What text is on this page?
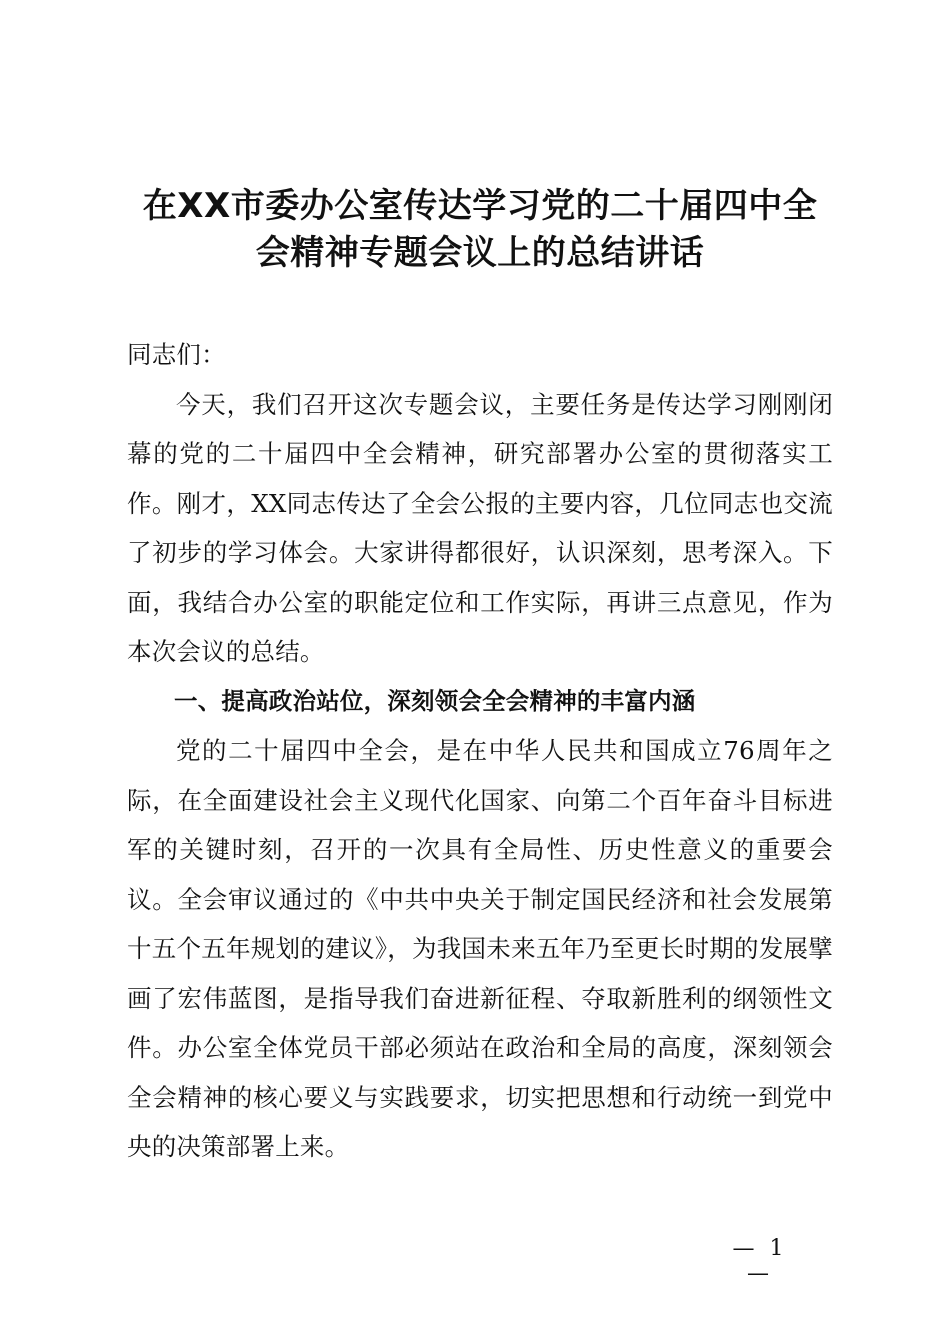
在XX市委办公室传达学习党的二十届四中全
会精神专题会议上的总结讲话

同志们：

今天，我们召开这次专题会议，主要任务是传达学习刚刚闭幕的党的二十届四中全会精神，研究部署办公室的贯彻落实工作。刚才，XX同志传达了全会公报的主要内容，几位同志也交流了初步的学习体会。大家讲得都很好，认识深刻，思考深入。下面，我结合办公室的职能定位和工作实际，再讲三点意见，作为本次会议的总结。

一、提高政治站位，深刻领会全会精神的丰富内涵

党的二十届四中全会，是在中华人民共和国成立76周年之际，在全面建设社会主义现代化国家、向第二个百年奋斗目标进军的关键时刻，召开的一次具有全局性、历史性意义的重要会议。全会审议通过的《中共中央关于制定国民经济和社会发展第十五个五年规划的建议》，为我国未来五年乃至更长时期的发展擘画了宏伟蓝图，是指导我们奋进新征程、夺取新胜利的纲领性文件。办公室全体党员干部必须站在政治和全局的高度，深刻领会全会精神的核心要义与实践要求，切实把思想和行动统一到党中央的决策部署上来。

— 1 —
